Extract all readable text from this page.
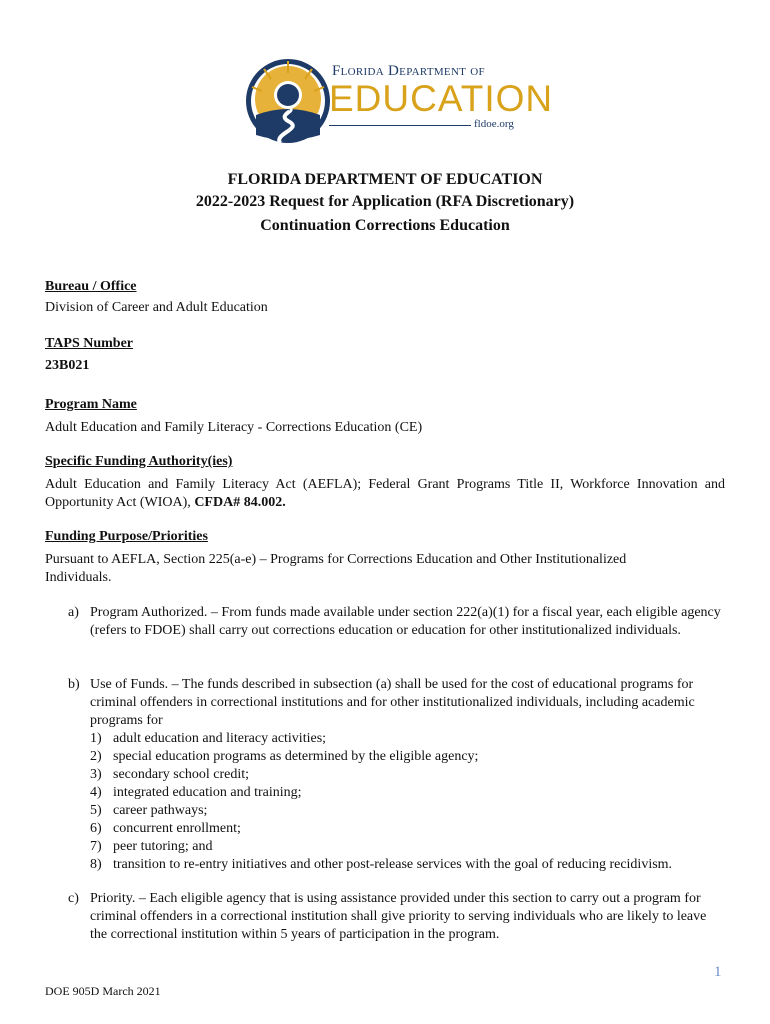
Florida Department of
EDUCATION
fldoe.org
FLORIDA DEPARTMENT OF EDUCATION
2022-2023 Request for Application (RFA Discretionary)
Continuation Corrections Education
Bureau / Office
Division of Career and Adult Education
TAPS Number
23B021
Program Name
Adult Education and Family Literacy - Corrections Education (CE)
Specific Funding Authority(ies)
Adult Education and Family Literacy Act (AEFLA); Federal Grant Programs Title II, Workforce Innovation and Opportunity Act (WIOA), CFDA# 84.002.
Funding Purpose/Priorities
Pursuant to AEFLA, Section 225(a-e) – Programs for Corrections Education and Other Institutionalized Individuals.
a) Program Authorized. – From funds made available under section 222(a)(1) for a fiscal year, each eligible agency (refers to FDOE) shall carry out corrections education or education for other institutionalized individuals.
b) Use of Funds. – The funds described in subsection (a) shall be used for the cost of educational programs for criminal offenders in correctional institutions and for other institutionalized individuals, including academic programs for
1) adult education and literacy activities;
2) special education programs as determined by the eligible agency;
3) secondary school credit;
4) integrated education and training;
5) career pathways;
6) concurrent enrollment;
7) peer tutoring; and
8) transition to re-entry initiatives and other post-release services with the goal of reducing recidivism.
c) Priority. – Each eligible agency that is using assistance provided under this section to carry out a program for criminal offenders in a correctional institution shall give priority to serving individuals who are likely to leave the correctional institution within 5 years of participation in the program.
1
DOE 905D March 2021
